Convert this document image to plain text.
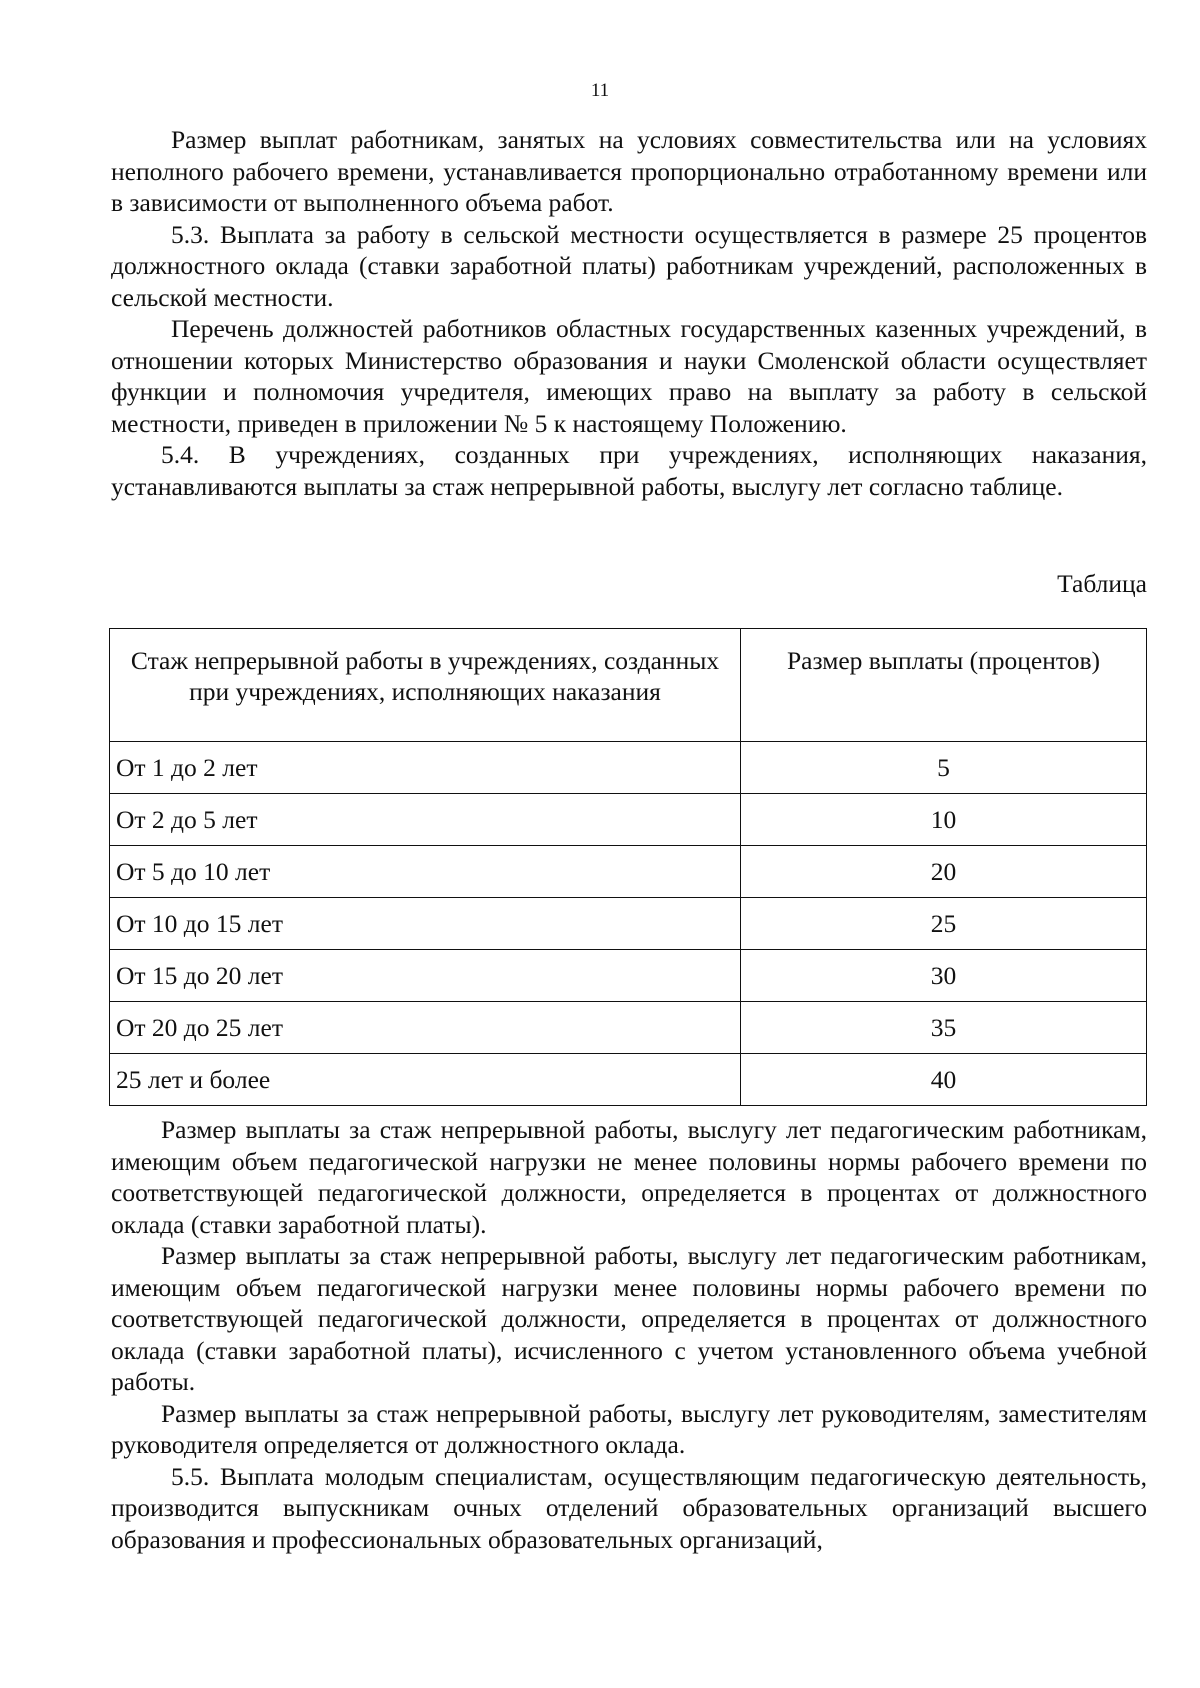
11

Размер выплат работникам, занятых на условиях совместительства или на условиях неполного рабочего времени, устанавливается пропорционально отработанному времени или в зависимости от выполненного объема работ.

5.3. Выплата за работу в сельской местности осуществляется в размере 25 процентов должностного оклада (ставки заработной платы) работникам учреждений, расположенных в сельской местности.

Перечень должностей работников областных государственных казенных учреждений, в отношении которых Министерство образования и науки Смоленской области осуществляет функции и полномочия учредителя, имеющих право на выплату за работу в сельской местности, приведен в приложении № 5 к настоящему Положению.

5.4. В учреждениях, созданных при учреждениях, исполняющих наказания, устанавливаются выплаты за стаж непрерывной работы, выслугу лет согласно таблице.

Таблица
Стаж непрерывной работы в учреждениях, созданных при учреждениях, исполняющих наказания	Размер выплаты (процентов)
От 1 до 2 лет	5
От 2 до 5 лет	10
От 5 до 10 лет	20
От 10 до 15 лет	25
От 15 до 20 лет	30
От 20 до 25 лет	35
25 лет и более	40

Размер выплаты за стаж непрерывной работы, выслугу лет педагогическим работникам, имеющим объем педагогической нагрузки не менее половины нормы рабочего времени по соответствующей педагогической должности, определяется в процентах от должностного оклада (ставки заработной платы).

Размер выплаты за стаж непрерывной работы, выслугу лет педагогическим работникам, имеющим объем педагогической нагрузки менее половины нормы рабочего времени по соответствующей педагогической должности, определяется в процентах от должностного оклада (ставки заработной платы), исчисленного с учетом установленного объема учебной работы.

Размер выплаты за стаж непрерывной работы, выслугу лет руководителям, заместителям руководителя определяется от должностного оклада.

5.5. Выплата молодым специалистам, осуществляющим педагогическую деятельность, производится выпускникам очных отделений образовательных организаций высшего образования и профессиональных образовательных организаций,
